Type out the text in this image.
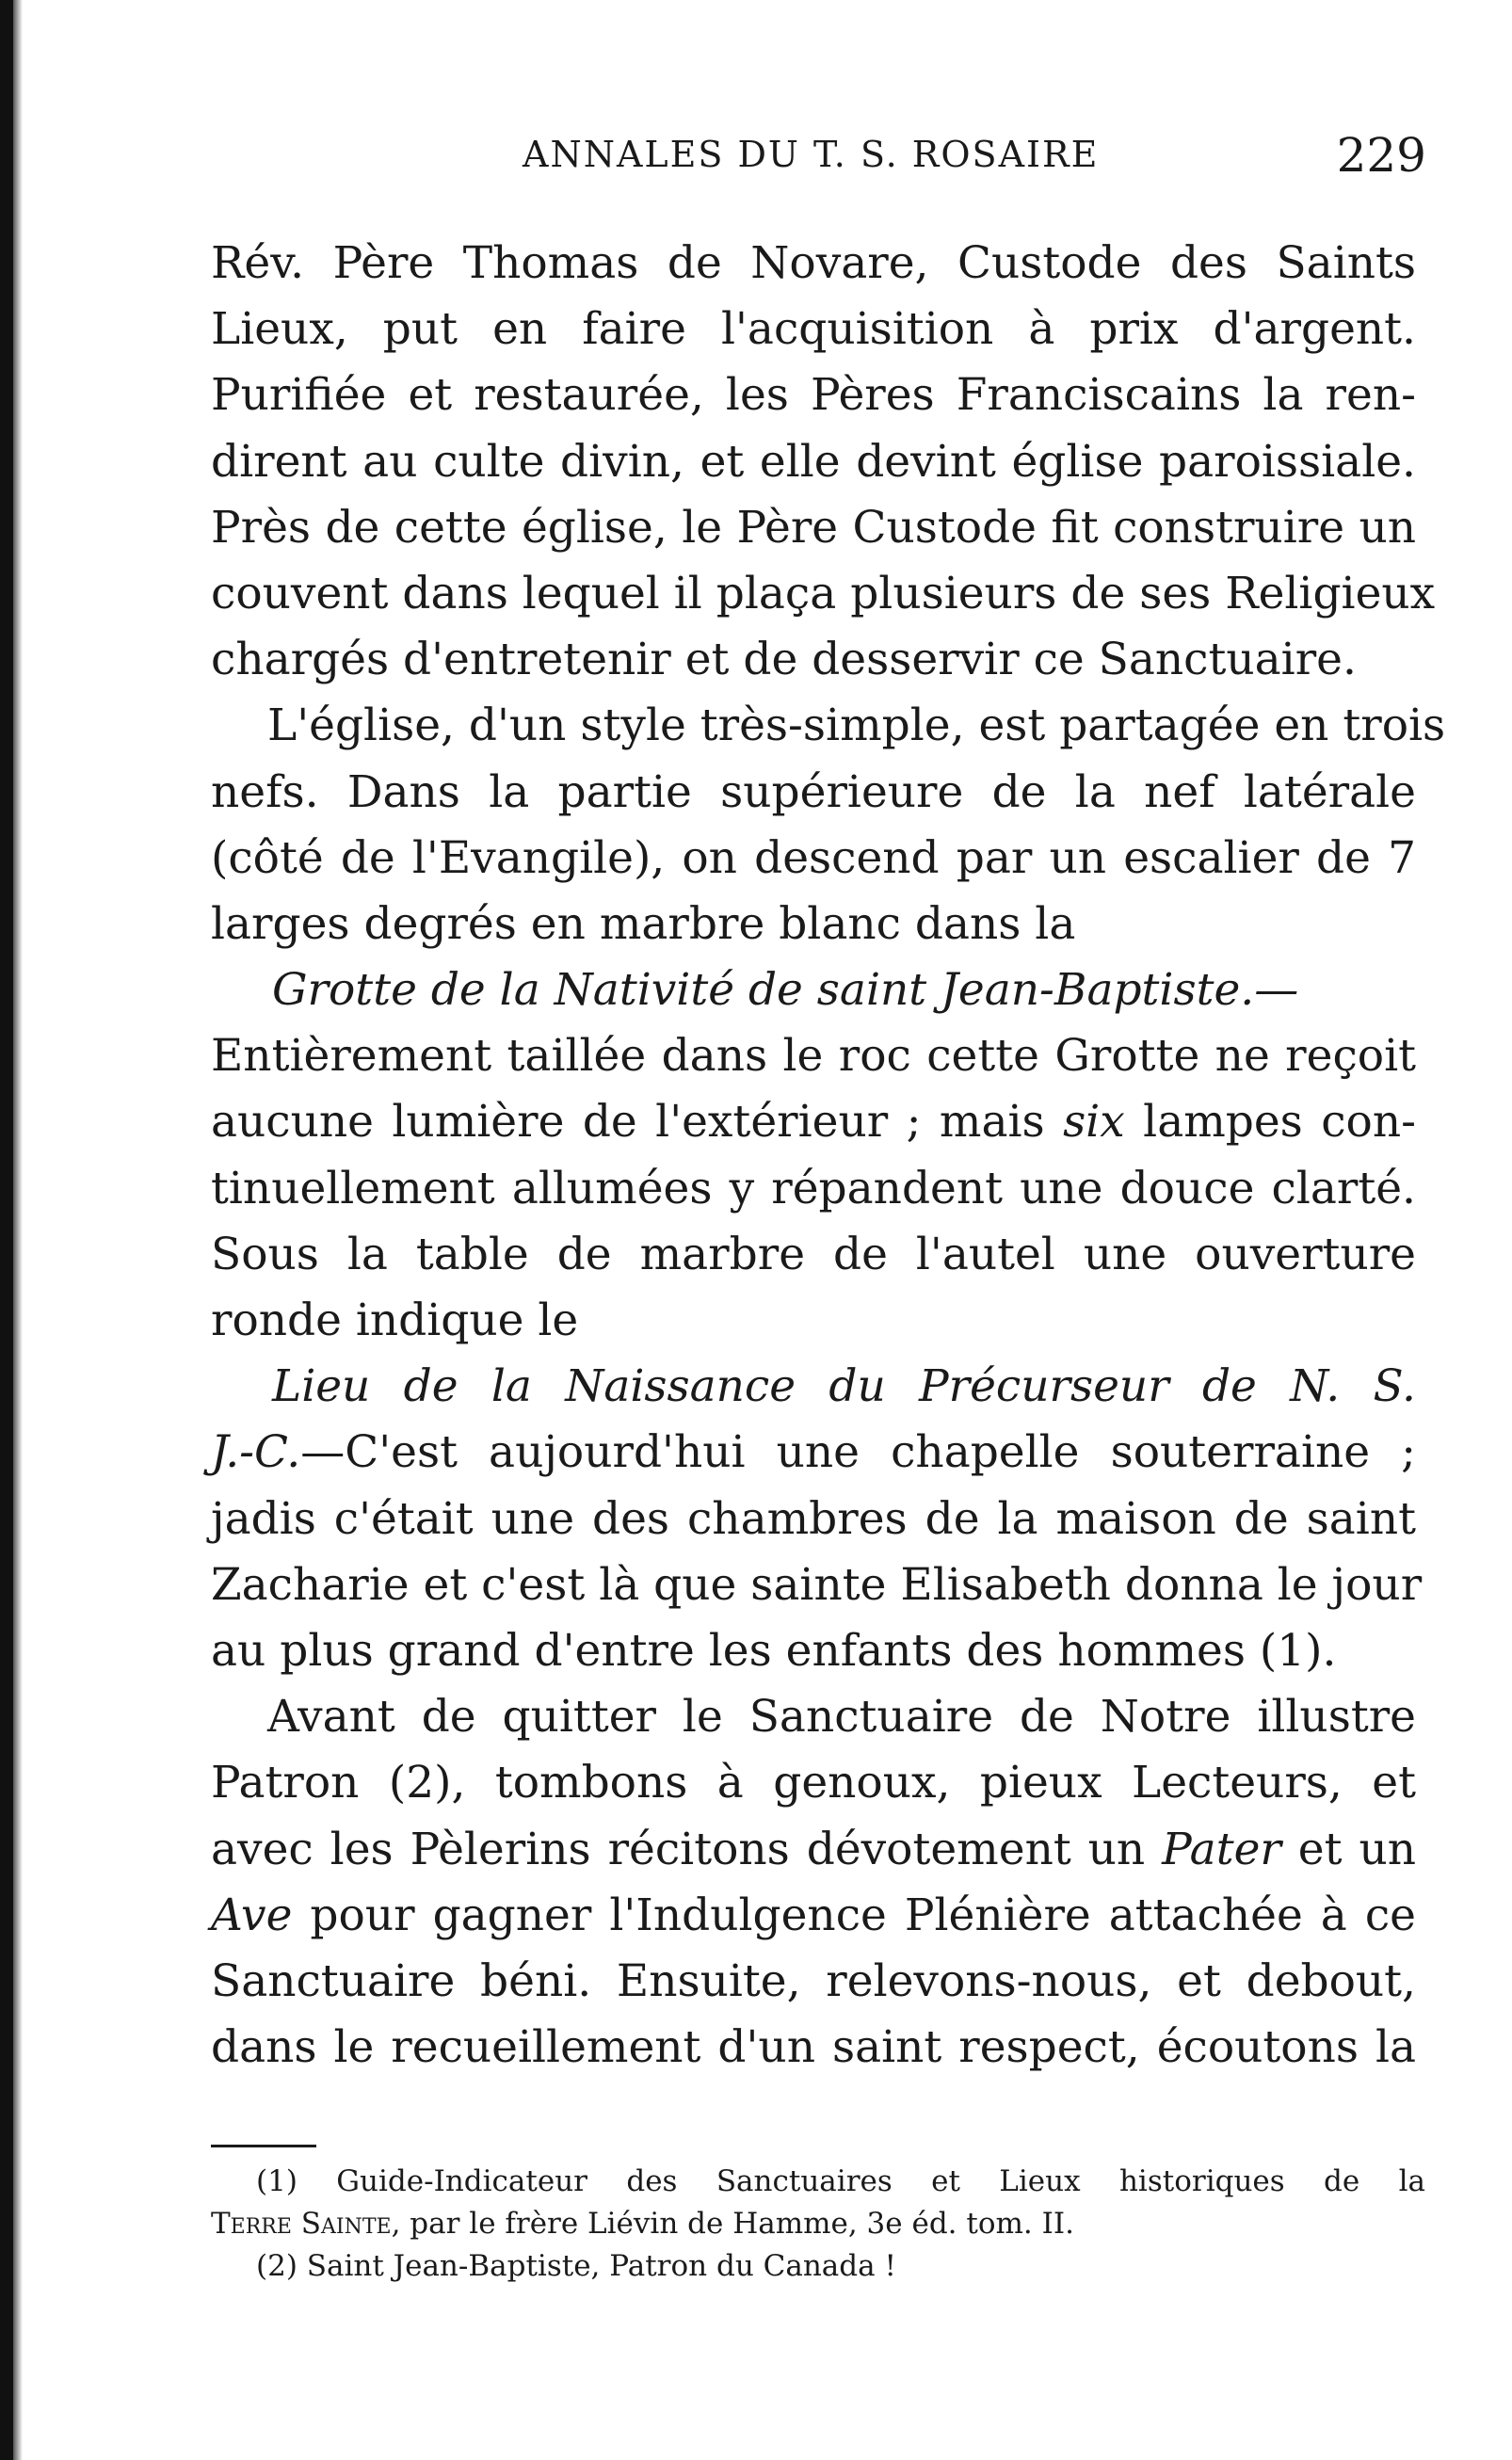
ANNALES DU T. S. ROSAIRE	229
Rév. Père Thomas de Novare, Custode des Saints
Lieux, put en faire l'acquisition à prix d'argent.
Purifiée et restaurée, les Pères Franciscains la ren-
dirent au culte divin, et elle devint église paroissiale.
Près de cette église, le Père Custode fit construire un
couvent dans lequel il plaça plusieurs de ses Religieux
chargés d'entretenir et de desservir ce Sanctuaire.
L'église, d'un style très-simple, est partagée en trois
nefs. Dans la partie supérieure de la nef latérale
(côté de l'Evangile), on descend par un escalier de 7
larges degrés en marbre blanc dans la
Grotte de la Nativité de saint Jean-Baptiste.—
Entièrement taillée dans le roc cette Grotte ne reçoit
aucune lumière de l'extérieur ; mais six lampes con-
tinuellement allumées y répandent une douce clarté.
Sous la table de marbre de l'autel une ouverture
ronde indique le
Lieu de la Naissance du Précurseur de N. S.
J.-C.—C'est aujourd'hui une chapelle souterraine ;
jadis c'était une des chambres de la maison de saint
Zacharie et c'est là que sainte Elisabeth donna le jour
au plus grand d'entre les enfants des hommes (1).
Avant de quitter le Sanctuaire de Notre illustre
Patron (2), tombons à genoux, pieux Lecteurs, et
avec les Pèlerins récitons dévotement un Pater et un
Ave pour gagner l'Indulgence Plénière attachée à ce
Sanctuaire béni. Ensuite, relevons-nous, et debout,
dans le recueillement d'un saint respect, écoutons la
(1) Guide-Indicateur des Sanctuaires et Lieux historiques de la
Terre Sainte, par le frère Liévin de Hamme, 3e éd. tom. II.
(2) Saint Jean-Baptiste, Patron du Canada !
